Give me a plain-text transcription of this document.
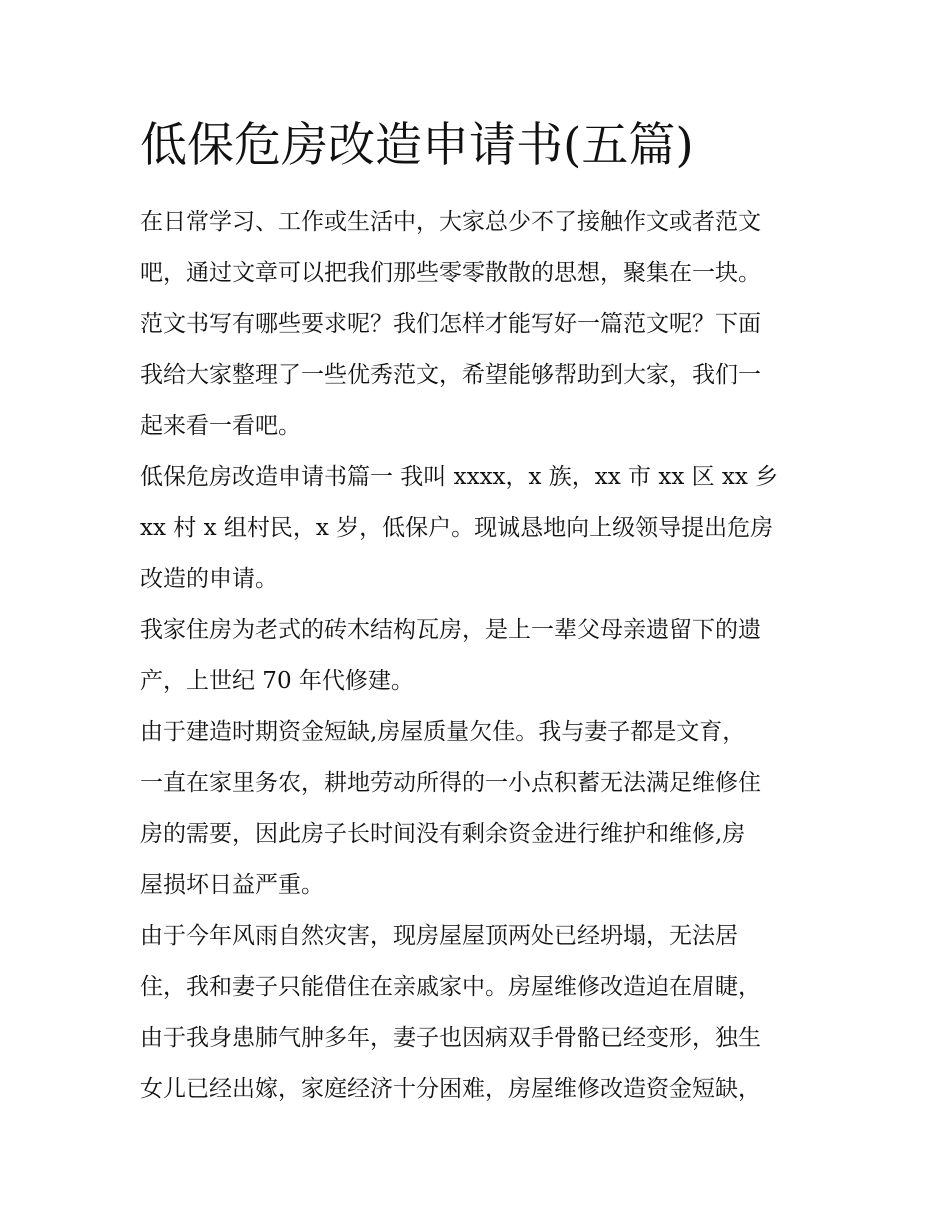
低保危房改造申请书(五篇)
在日常学习、工作或生活中，大家总少不了接触作文或者范文
吧，通过文章可以把我们那些零零散散的思想，聚集在一块。
范文书写有哪些要求呢？我们怎样才能写好一篇范文呢？下面
我给大家整理了一些优秀范文，希望能够帮助到大家，我们一
起来看一看吧。
低保危房改造申请书篇一 我叫 xxxx，x 族，xx 市 xx 区 xx 乡
xx 村 x 组村民，x 岁，低保户。现诚恳地向上级领导提出危房
改造的申请。
我家住房为老式的砖木结构瓦房，是上一辈父母亲遗留下的遗
产，上世纪 70 年代修建。
由于建造时期资金短缺,房屋质量欠佳。我与妻子都是文育，
一直在家里务农，耕地劳动所得的一小点积蓄无法满足维修住
房的需要，因此房子长时间没有剩余资金进行维护和维修,房
屋损坏日益严重。
由于今年风雨自然灾害，现房屋屋顶两处已经坍塌，无法居
住，我和妻子只能借住在亲戚家中。房屋维修改造迫在眉睫，
由于我身患肺气肿多年，妻子也因病双手骨骼已经变形，独生
女儿已经出嫁，家庭经济十分困难，房屋维修改造资金短缺，
